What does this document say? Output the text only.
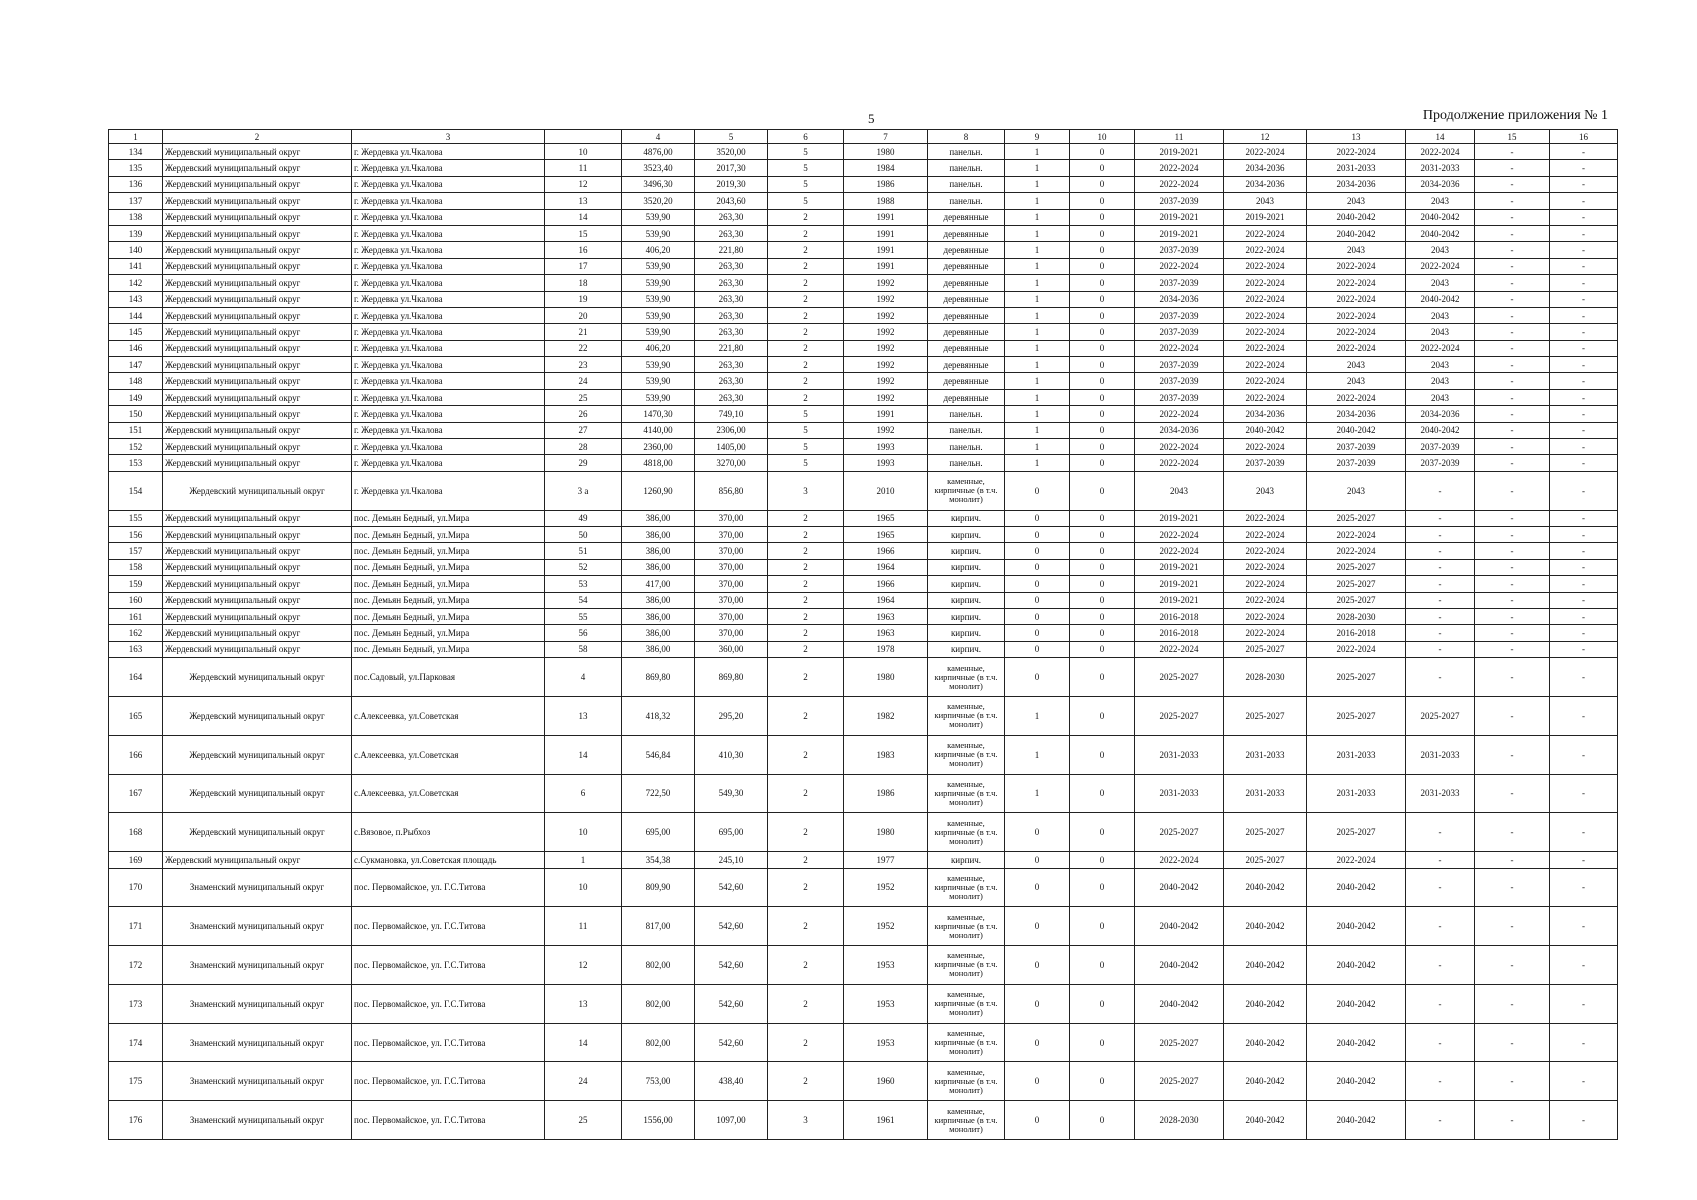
5	Продолжение приложения № 1
1	2	3		4	5	6	7	8	9	10	11	12	13	14	15	16
134	Жердевский муниципальный округ	г. Жердевка ул.Чкалова	10	4876,00	3520,00	5	1980	панельн.	1	0	2019-2021	2022-2024	2022-2024	2022-2024	-	-
135	Жердевский муниципальный округ	г. Жердевка ул.Чкалова	11	3523,40	2017,30	5	1984	панельн.	1	0	2022-2024	2034-2036	2031-2033	2031-2033	-	-
136	Жердевский муниципальный округ	г. Жердевка ул.Чкалова	12	3496,30	2019,30	5	1986	панельн.	1	0	2022-2024	2034-2036	2034-2036	2034-2036	-	-
137	Жердевский муниципальный округ	г. Жердевка ул.Чкалова	13	3520,20	2043,60	5	1988	панельн.	1	0	2037-2039	2043	2043	2043	-	-
138	Жердевский муниципальный округ	г. Жердевка ул.Чкалова	14	539,90	263,30	2	1991	деревянные	1	0	2019-2021	2019-2021	2040-2042	2040-2042	-	-
139	Жердевский муниципальный округ	г. Жердевка ул.Чкалова	15	539,90	263,30	2	1991	деревянные	1	0	2019-2021	2022-2024	2040-2042	2040-2042	-	-
140	Жердевский муниципальный округ	г. Жердевка ул.Чкалова	16	406,20	221,80	2	1991	деревянные	1	0	2037-2039	2022-2024	2043	2043	-	-
141	Жердевский муниципальный округ	г. Жердевка ул.Чкалова	17	539,90	263,30	2	1991	деревянные	1	0	2022-2024	2022-2024	2022-2024	2022-2024	-	-
142	Жердевский муниципальный округ	г. Жердевка ул.Чкалова	18	539,90	263,30	2	1992	деревянные	1	0	2037-2039	2022-2024	2022-2024	2043	-	-
143	Жердевский муниципальный округ	г. Жердевка ул.Чкалова	19	539,90	263,30	2	1992	деревянные	1	0	2034-2036	2022-2024	2022-2024	2040-2042	-	-
144	Жердевский муниципальный округ	г. Жердевка ул.Чкалова	20	539,90	263,30	2	1992	деревянные	1	0	2037-2039	2022-2024	2022-2024	2043	-	-
145	Жердевский муниципальный округ	г. Жердевка ул.Чкалова	21	539,90	263,30	2	1992	деревянные	1	0	2037-2039	2022-2024	2022-2024	2043	-	-
146	Жердевский муниципальный округ	г. Жердевка ул.Чкалова	22	406,20	221,80	2	1992	деревянные	1	0	2022-2024	2022-2024	2022-2024	2022-2024	-	-
147	Жердевский муниципальный округ	г. Жердевка ул.Чкалова	23	539,90	263,30	2	1992	деревянные	1	0	2037-2039	2022-2024	2043	2043	-	-
148	Жердевский муниципальный округ	г. Жердевка ул.Чкалова	24	539,90	263,30	2	1992	деревянные	1	0	2037-2039	2022-2024	2043	2043	-	-
149	Жердевский муниципальный округ	г. Жердевка ул.Чкалова	25	539,90	263,30	2	1992	деревянные	1	0	2037-2039	2022-2024	2022-2024	2043	-	-
150	Жердевский муниципальный округ	г. Жердевка ул.Чкалова	26	1470,30	749,10	5	1991	панельн.	1	0	2022-2024	2034-2036	2034-2036	2034-2036	-	-
151	Жердевский муниципальный округ	г. Жердевка ул.Чкалова	27	4140,00	2306,00	5	1992	панельн.	1	0	2034-2036	2040-2042	2040-2042	2040-2042	-	-
152	Жердевский муниципальный округ	г. Жердевка ул.Чкалова	28	2360,00	1405,00	5	1993	панельн.	1	0	2022-2024	2022-2024	2037-2039	2037-2039	-	-
153	Жердевский муниципальный округ	г. Жердевка ул.Чкалова	29	4818,00	3270,00	5	1993	панельн.	1	0	2022-2024	2037-2039	2037-2039	2037-2039	-	-
154	Жердевский муниципальный округ	г. Жердевка ул.Чкалова	3 а	1260,90	856,80	3	2010	каменные, кирпичные (в т.ч. монолит)	0	0	2043	2043	2043	-	-	-
155	Жердевский муниципальный округ	пос. Демьян Бедный, ул.Мира	49	386,00	370,00	2	1965	кирпич.	0	0	2019-2021	2022-2024	2025-2027	-	-	-
156	Жердевский муниципальный округ	пос. Демьян Бедный, ул.Мира	50	386,00	370,00	2	1965	кирпич.	0	0	2022-2024	2022-2024	2022-2024	-	-	-
157	Жердевский муниципальный округ	пос. Демьян Бедный, ул.Мира	51	386,00	370,00	2	1966	кирпич.	0	0	2022-2024	2022-2024	2022-2024	-	-	-
158	Жердевский муниципальный округ	пос. Демьян Бедный, ул.Мира	52	386,00	370,00	2	1964	кирпич.	0	0	2019-2021	2022-2024	2025-2027	-	-	-
159	Жердевский муниципальный округ	пос. Демьян Бедный, ул.Мира	53	417,00	370,00	2	1966	кирпич.	0	0	2019-2021	2022-2024	2025-2027	-	-	-
160	Жердевский муниципальный округ	пос. Демьян Бедный, ул.Мира	54	386,00	370,00	2	1964	кирпич.	0	0	2019-2021	2022-2024	2025-2027	-	-	-
161	Жердевский муниципальный округ	пос. Демьян Бедный, ул.Мира	55	386,00	370,00	2	1963	кирпич.	0	0	2016-2018	2022-2024	2028-2030	-	-	-
162	Жердевский муниципальный округ	пос. Демьян Бедный, ул.Мира	56	386,00	370,00	2	1963	кирпич.	0	0	2016-2018	2022-2024	2016-2018	-	-	-
163	Жердевский муниципальный округ	пос. Демьян Бедный, ул.Мира	58	386,00	360,00	2	1978	кирпич.	0	0	2022-2024	2025-2027	2022-2024	-	-	-
164	Жердевский муниципальный округ	пос.Садовый, ул.Парковая	4	869,80	869,80	2	1980	каменные, кирпичные (в т.ч. монолит)	0	0	2025-2027	2028-2030	2025-2027	-	-	-
165	Жердевский муниципальный округ	с.Алексеевка, ул.Советская	13	418,32	295,20	2	1982	каменные, кирпичные (в т.ч. монолит)	1	0	2025-2027	2025-2027	2025-2027	2025-2027	-	-
166	Жердевский муниципальный округ	с.Алексеевка, ул.Советская	14	546,84	410,30	2	1983	каменные, кирпичные (в т.ч. монолит)	1	0	2031-2033	2031-2033	2031-2033	2031-2033	-	-
167	Жердевский муниципальный округ	с.Алексеевка, ул.Советская	6	722,50	549,30	2	1986	каменные, кирпичные (в т.ч. монолит)	1	0	2031-2033	2031-2033	2031-2033	2031-2033	-	-
168	Жердевский муниципальный округ	с.Вязовое, п.Рыбхоз	10	695,00	695,00	2	1980	каменные, кирпичные (в т.ч. монолит)	0	0	2025-2027	2025-2027	2025-2027	-	-	-
169	Жердевский муниципальный округ	с.Сукмановка, ул.Советская площадь	1	354,38	245,10	2	1977	кирпич.	0	0	2022-2024	2025-2027	2022-2024	-	-	-
170	Знаменский муниципальный округ	пос. Первомайское, ул. Г.С.Титова	10	809,90	542,60	2	1952	каменные, кирпичные (в т.ч. монолит)	0	0	2040-2042	2040-2042	2040-2042	-	-	-
171	Знаменский муниципальный округ	пос. Первомайское, ул. Г.С.Титова	11	817,00	542,60	2	1952	каменные, кирпичные (в т.ч. монолит)	0	0	2040-2042	2040-2042	2040-2042	-	-	-
172	Знаменский муниципальный округ	пос. Первомайское, ул. Г.С.Титова	12	802,00	542,60	2	1953	каменные, кирпичные (в т.ч. монолит)	0	0	2040-2042	2040-2042	2040-2042	-	-	-
173	Знаменский муниципальный округ	пос. Первомайское, ул. Г.С.Титова	13	802,00	542,60	2	1953	каменные, кирпичные (в т.ч. монолит)	0	0	2040-2042	2040-2042	2040-2042	-	-	-
174	Знаменский муниципальный округ	пос. Первомайское, ул. Г.С.Титова	14	802,00	542,60	2	1953	каменные, кирпичные (в т.ч. монолит)	0	0	2025-2027	2040-2042	2040-2042	-	-	-
175	Знаменский муниципальный округ	пос. Первомайское, ул. Г.С.Титова	24	753,00	438,40	2	1960	каменные, кирпичные (в т.ч. монолит)	0	0	2025-2027	2040-2042	2040-2042	-	-	-
176	Знаменский муниципальный округ	пос. Первомайское, ул. Г.С.Титова	25	1556,00	1097,00	3	1961	каменные, кирпичные (в т.ч. монолит)	0	0	2028-2030	2040-2042	2040-2042	-	-	-
